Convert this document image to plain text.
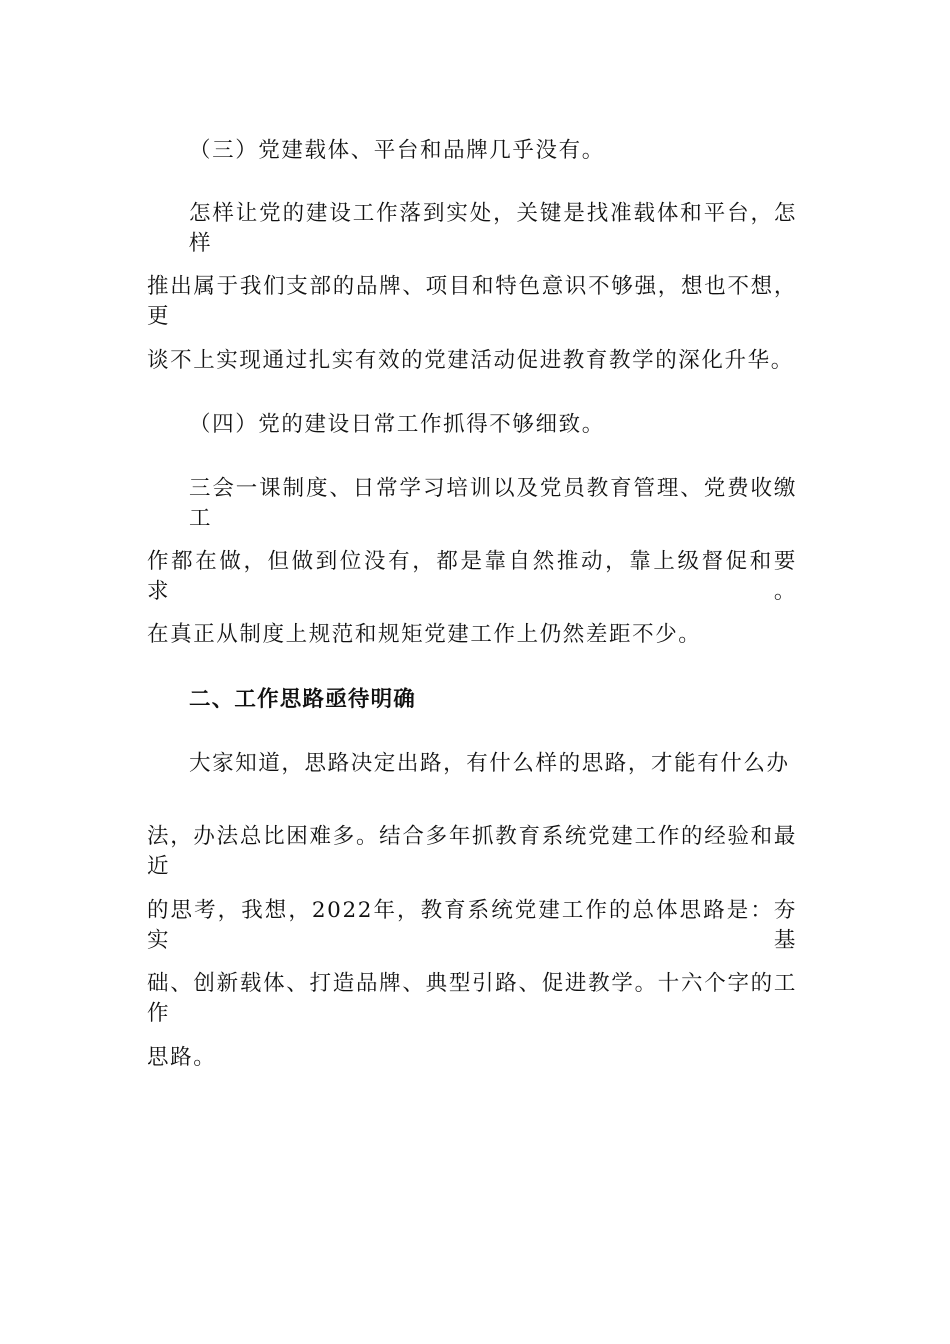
（三）党建载体、平台和品牌几乎没有。
怎样让党的建设工作落到实处，关键是找准载体和平台，怎样
推出属于我们支部的品牌、项目和特色意识不够强，想也不想，更
谈不上实现通过扎实有效的党建活动促进教育教学的深化升华。
（四）党的建设日常工作抓得不够细致。
三会一课制度、日常学习培训以及党员教育管理、党费收缴工
作都在做，但做到位没有，都是靠自然推动，靠上级督促和要求。
在真正从制度上规范和规矩党建工作上仍然差距不少。
二、工作思路亟待明确
大家知道，思路决定出路，有什么样的思路，才能有什么办
法，办法总比困难多。结合多年抓教育系统党建工作的经验和最近
的思考，我想，2022年，教育系统党建工作的总体思路是：夯实基
础、创新载体、打造品牌、典型引路、促进教学。十六个字的工作
思路。
